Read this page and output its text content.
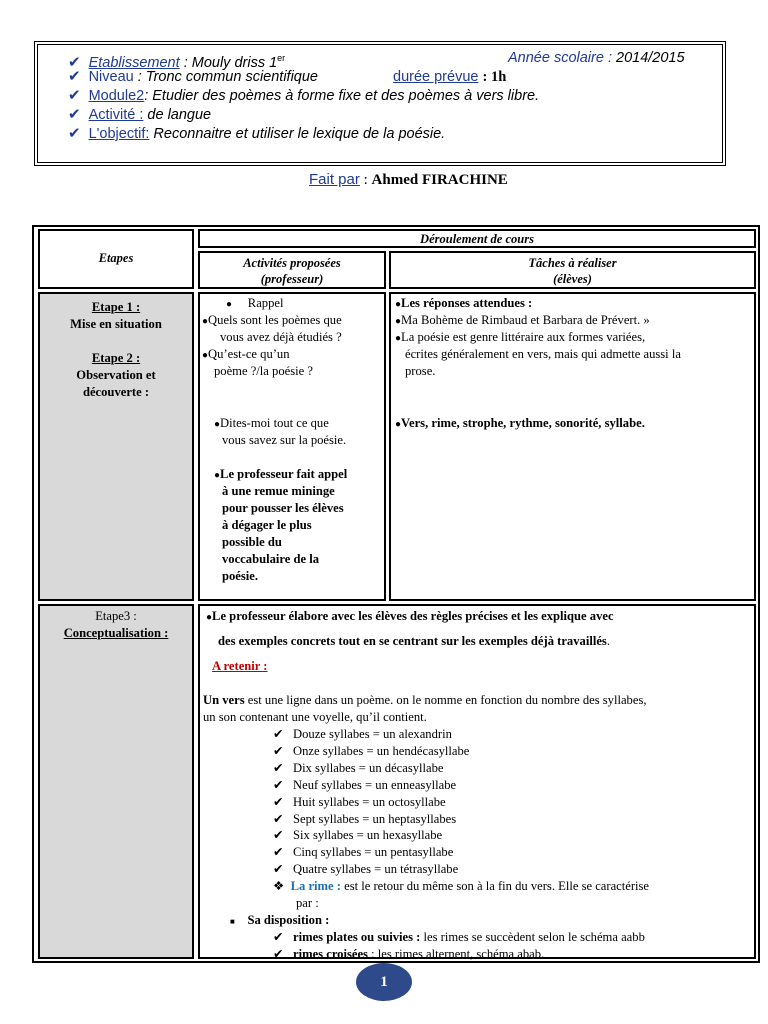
✔ Etablissement : Mouly driss 1er	Année scolaire : 2014/2015
✔ Niveau : Tronc commun scientifique	durée prévue : 1h
✔ Module2: Etudier des poèmes à forme fixe et des poèmes à vers libre.
✔ Activité : de langue
✔ L'objectif: Reconnaitre et utiliser le lexique de la poésie.
Fait par : Ahmed FIRACHINE
Etapes
Déroulement de cours
Activités proposées
(professeur)
Tâches à réaliser
(élèves)
Etape 1 :
Mise en situation
Etape 2 :
Observation et
découverte :
● Rappel
●Quels sont les poèmes que
vous avez déjà étudiés ?
●Qu’est-ce qu’un
poème ?/la poésie ?
●Dites-moi tout ce que
vous savez sur la poésie.
●Le professeur fait appel
à une remue mininge
pour pousser les élèves
à dégager le plus
possible du
voccabulaire de la
poésie.
●Les réponses attendues :
●Ma Bohème de Rimbaud et Barbara de Prévert. »
●La poésie est genre littéraire aux formes variées,
écrites généralement en vers, mais qui admette aussi la
prose.
●Vers, rime, strophe, rythme, sonorité, syllabe.
Etape3 :
Conceptualisation :
●Le professeur élabore avec les élèves des règles précises et les explique avec
des exemples concrets tout en se centrant sur les exemples déjà travaillés.
A retenir :
Un vers est une ligne dans un poème. on le nomme en fonction du nombre des syllabes,
un son contenant une voyelle, qu’il contient.
✔ Douze syllabes = un alexandrin
✔ Onze syllabes = un hendécasyllabe
✔ Dix syllabes = un décasyllabe
✔ Neuf syllabes = un enneasyllabe
✔ Huit syllabes = un octosyllabe
✔ Sept syllabes = un heptasyllabes
✔ Six syllabes = un hexasyllabe
✔ Cinq syllabes = un pentasyllabe
✔ Quatre syllabes = un tétrasyllabe
❖ La rime : est le retour du même son à la fin du vers. Elle se caractérise
par :
■ Sa disposition :
✔ rimes plates ou suivies : les rimes se succèdent selon le schéma aabb
✔ rimes croisées : les rimes alternent, schéma abab.
1
